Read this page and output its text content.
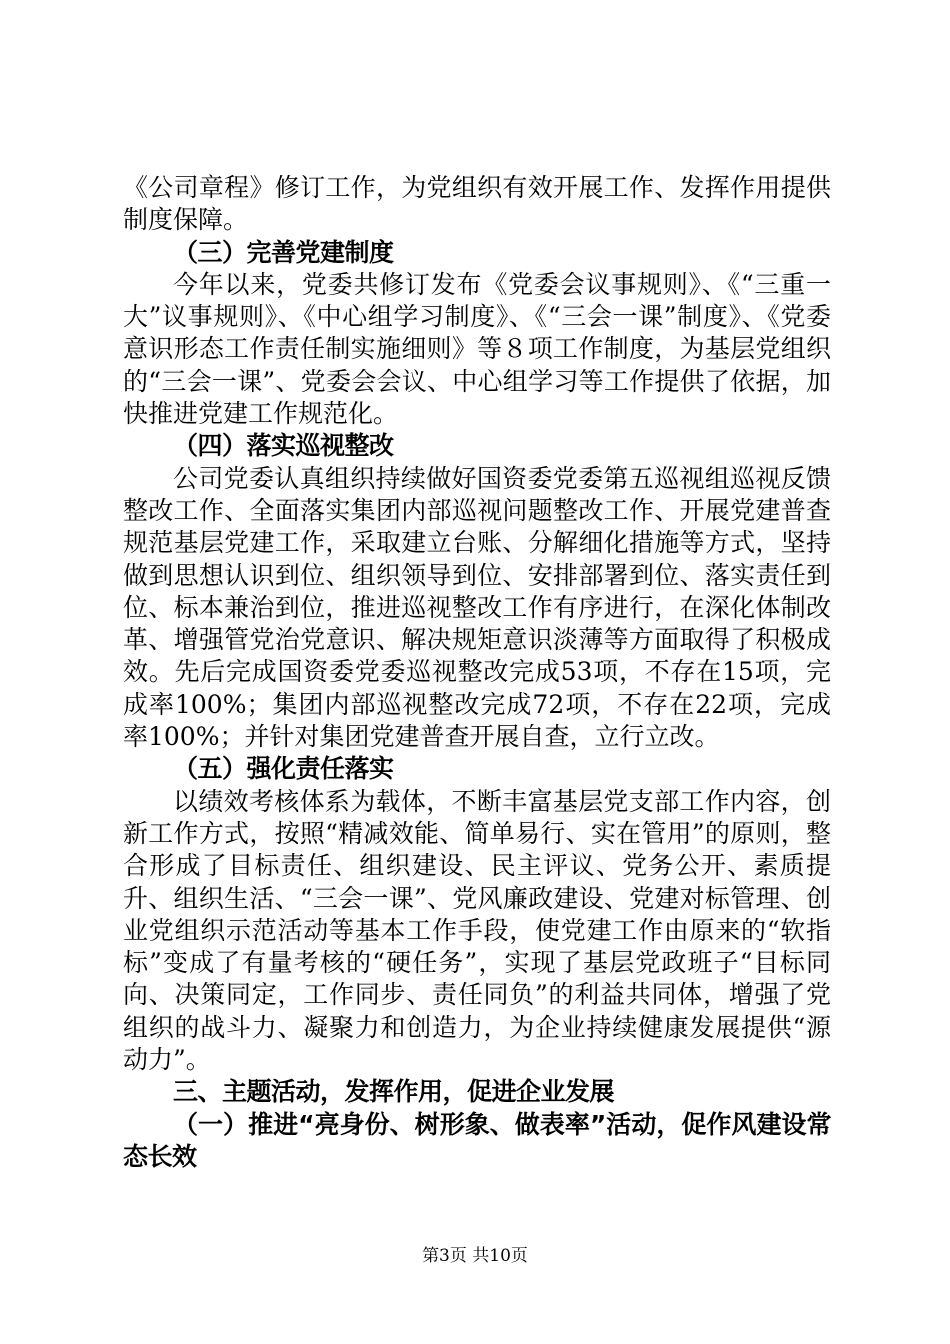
《公司章程》修订工作，为党组织有效开展工作、发挥作用提供制度保障。

（三）完善党建制度

今年以来，党委共修订发布《党委会议事规则》、《“三重一大”议事规则》、《中心组学习制度》、《“三会一课”制度》、《党委意识形态工作责任制实施细则》等８项工作制度，为基层党组织的“三会一课”、党委会会议、中心组学习等工作提供了依据，加快推进党建工作规范化。

（四）落实巡视整改

公司党委认真组织持续做好国资委党委第五巡视组巡视反馈整改工作、全面落实集团内部巡视问题整改工作、开展党建普查规范基层党建工作，采取建立台账、分解细化措施等方式，坚持做到思想认识到位、组织领导到位、安排部署到位、落实责任到位、标本兼治到位，推进巡视整改工作有序进行，在深化体制改革、增强管党治党意识、解决规矩意识淡薄等方面取得了积极成效。先后完成国资委党委巡视整改完成53项，不存在15项，完成率100%；集团内部巡视整改完成72项，不存在22项，完成率100%；并针对集团党建普查开展自查，立行立改。

（五）强化责任落实

以绩效考核体系为载体，不断丰富基层党支部工作内容，创新工作方式，按照“精减效能、简单易行、实在管用”的原则，整合形成了目标责任、组织建设、民主评议、党务公开、素质提升、组织生活、“三会一课”、党风廉政建设、党建对标管理、创业党组织示范活动等基本工作手段，使党建工作由原来的“软指标”变成了有量考核的“硬任务”，实现了基层党政班子“目标同向、决策同定，工作同步、责任同负”的利益共同体，增强了党组织的战斗力、凝聚力和创造力，为企业持续健康发展提供“源动力”。

三、主题活动，发挥作用，促进企业发展

（一）推进“亮身份、树形象、做表率”活动，促作风建设常态长效

第3页 共10页
